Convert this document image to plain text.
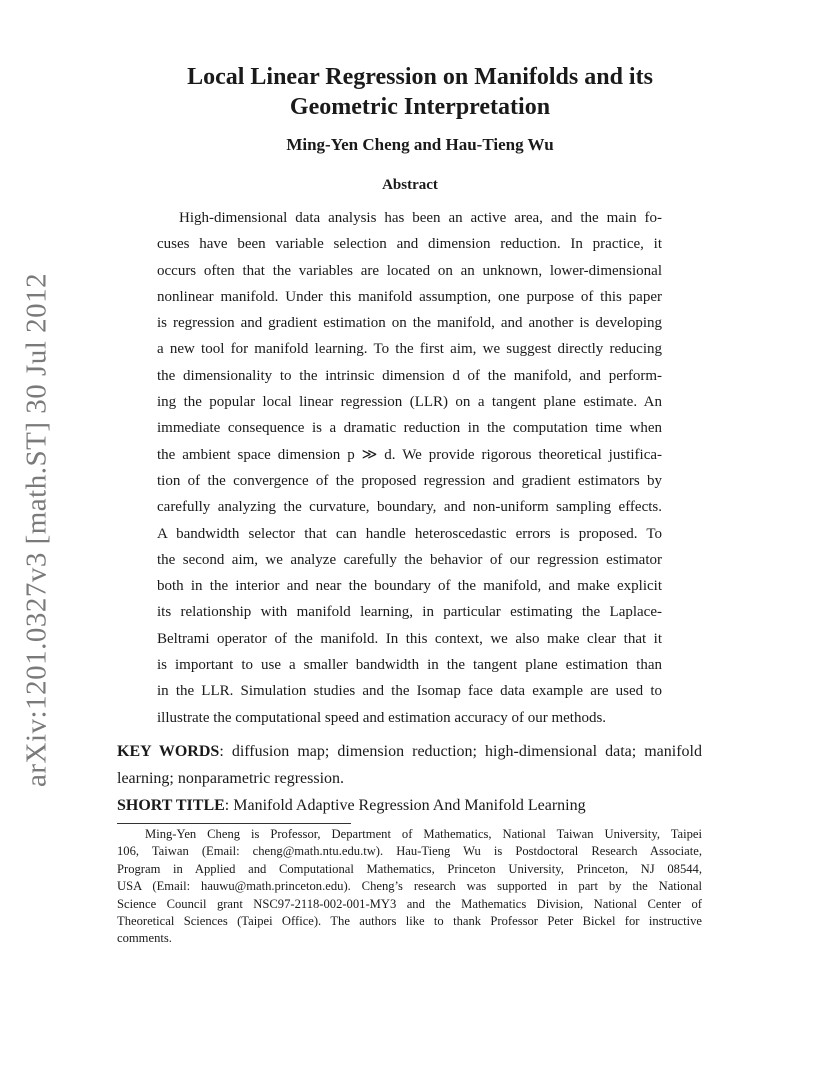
arXiv:1201.0327v3 [math.ST] 30 Jul 2012
Local Linear Regression on Manifolds and its
Geometric Interpretation
Ming-Yen Cheng and Hau-Tieng Wu
Abstract
High-dimensional data analysis has been an active area, and the main fo-
cuses have been variable selection and dimension reduction. In practice, it
occurs often that the variables are located on an unknown, lower-dimensional
nonlinear manifold. Under this manifold assumption, one purpose of this paper
is regression and gradient estimation on the manifold, and another is developing
a new tool for manifold learning. To the first aim, we suggest directly reducing
the dimensionality to the intrinsic dimension d of the manifold, and perform-
ing the popular local linear regression (LLR) on a tangent plane estimate. An
immediate consequence is a dramatic reduction in the computation time when
the ambient space dimension p ≫ d. We provide rigorous theoretical justifica-
tion of the convergence of the proposed regression and gradient estimators by
carefully analyzing the curvature, boundary, and non-uniform sampling effects.
A bandwidth selector that can handle heteroscedastic errors is proposed. To
the second aim, we analyze carefully the behavior of our regression estimator
both in the interior and near the boundary of the manifold, and make explicit
its relationship with manifold learning, in particular estimating the Laplace-
Beltrami operator of the manifold. In this context, we also make clear that it
is important to use a smaller bandwidth in the tangent plane estimation than
in the LLR. Simulation studies and the Isomap face data example are used to
illustrate the computational speed and estimation accuracy of our methods.
KEY WORDS: diffusion map; dimension reduction; high-dimensional data; manifold
learning; nonparametric regression.
SHORT TITLE: Manifold Adaptive Regression And Manifold Learning
Ming-Yen Cheng is Professor, Department of Mathematics, National Taiwan University, Taipei
106, Taiwan (Email: cheng@math.ntu.edu.tw). Hau-Tieng Wu is Postdoctoral Research Associate,
Program in Applied and Computational Mathematics, Princeton University, Princeton, NJ 08544,
USA (Email: hauwu@math.princeton.edu). Cheng’s research was supported in part by the National
Science Council grant NSC97-2118-002-001-MY3 and the Mathematics Division, National Center of
Theoretical Sciences (Taipei Office). The authors like to thank Professor Peter Bickel for instructive
comments.
